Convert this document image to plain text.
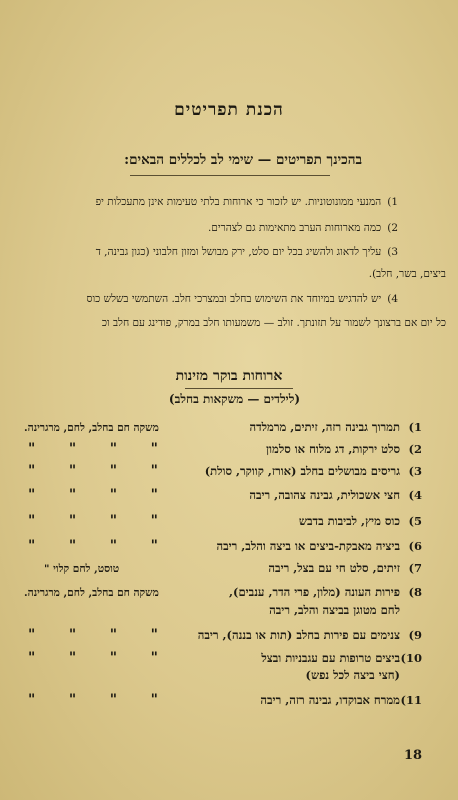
הכנת תפריטים
בהכינך תפריטים — שימי לב לכללים הבאים:
1)המנעי ממונוטוניות. יש לזכור כי ארוחות בלתי טעימות אינן מתעכלות יפ
2)כמה מארוחות הערב מתאימות גם לצהרים.
3)עליך לדאוג ולהשיג בכל יום סלט, ירק מבושל ומזון חלבוני (כגון גבינה, ד
ביצים, בשר, חלב).
4)יש להדגיש במיוחד את השימוש בחלב ובמצרכי חלב. השתמשי בשלש כוס
כל יום אם ברצונך לשמור על תזונתך. זולב — משמעותו חלב במרק, פודינג עם חלב וכ
ארוחות בוקר מזינות
(לילדים — משקאות בחלב)
1)תמרוך גבינה רזה, זיתים, מרמלדה
2)סלט ירקות, דג מלוח או סלמון
3)גריסים מבושלים בחלב (אורז, קווקר, סולת)
4)חצי אשכולית, גבינה צהובה, ריבה
5)כוס מיץ, לביבות בדבש
6)ביציה מאבקת-ביצים או ביצה והלב, ריבה
7)זיתים, סלט חי עם בצל, ריבה
8)פירות העונה (מלון, פרי הדר, ענבים),
לחם מטוגן בביצה והלב, ריבה
9)צנימים עם פירות בחלב (תות או בננה), ריבה
10)ביצים טרופות עם עגבניות ובצל
(חצי ביצה לכל נפש)
11)ממרח אבוקדו, גבינה רזה, ריבה
משקה חם בחלב, לחם, מרגרינה.
" " " "
" " " "
" " " "
" " " "
" " " "
טוסט, לחם קלוי "
משקה חם בחלב, לחם, מרגרינה.
" " " "
" " " "
" " " "
18
